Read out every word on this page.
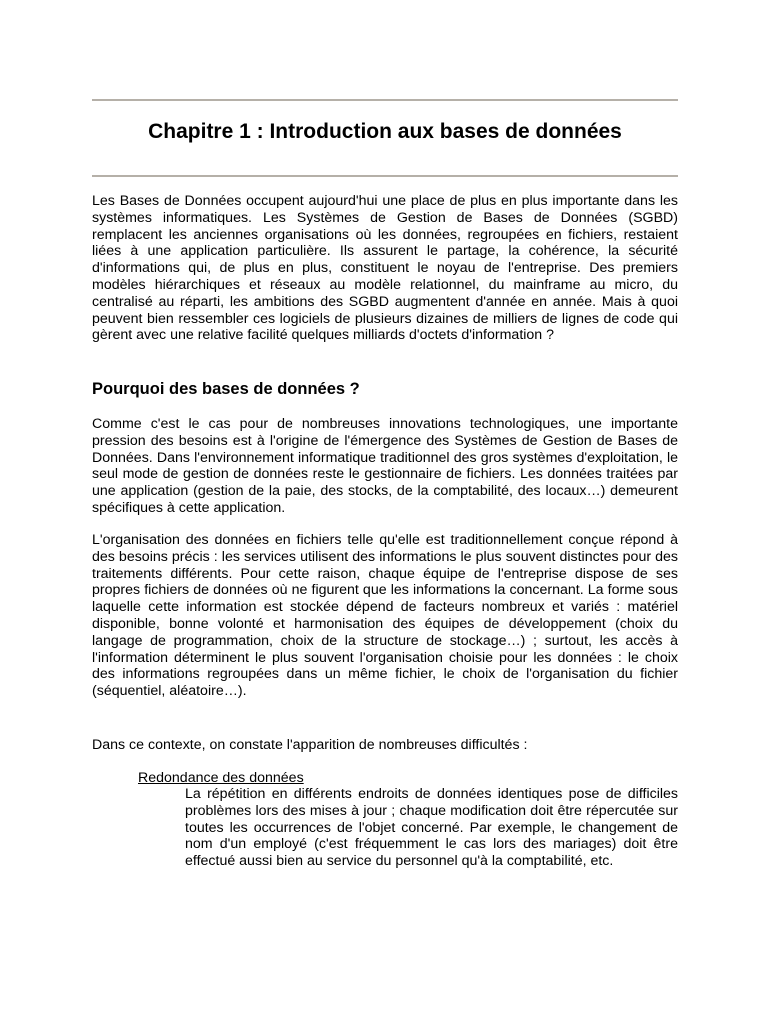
Chapitre 1 : Introduction aux bases de données

Les Bases de Données occupent aujourd'hui une place de plus en plus importante dans les systèmes informatiques. Les Systèmes de Gestion de Bases de Données (SGBD) remplacent les anciennes organisations où les données, regroupées en fichiers, restaient liées à une application particulière. Ils assurent le partage, la cohérence, la sécurité d'informations qui, de plus en plus, constituent le noyau de l'entreprise. Des premiers modèles hiérarchiques et réseaux au modèle relationnel, du mainframe au micro, du centralisé au réparti, les ambitions des SGBD augmentent d'année en année. Mais à quoi peuvent bien ressembler ces logiciels de plusieurs dizaines de milliers de lignes de code qui gèrent avec une relative facilité quelques milliards d'octets d'information ?

Pourquoi des bases de données ?

Comme c'est le cas pour de nombreuses innovations technologiques, une importante pression des besoins est à l'origine de l'émergence des Systèmes de Gestion de Bases de Données. Dans l'environnement informatique traditionnel des gros systèmes d'exploitation, le seul mode de gestion de données reste le gestionnaire de fichiers. Les données traitées par une application (gestion de la paie, des stocks, de la comptabilité, des locaux…) demeurent spécifiques à cette application.

L'organisation des données en fichiers telle qu'elle est traditionnellement conçue répond à des besoins précis : les services utilisent des informations le plus souvent distinctes pour des traitements différents. Pour cette raison, chaque équipe de l'entreprise dispose de ses propres fichiers de données où ne figurent que les informations la concernant. La forme sous laquelle cette information est stockée dépend de facteurs nombreux et variés : matériel disponible, bonne volonté et harmonisation des équipes de développement (choix du langage de programmation, choix de la structure de stockage…) ; surtout, les accès à l'information déterminent le plus souvent l'organisation choisie pour les données : le choix des informations regroupées dans un même fichier, le choix de l'organisation du fichier (séquentiel, aléatoire…).

Dans ce contexte, on constate l'apparition de nombreuses difficultés :

Redondance des données

La répétition en différents endroits de données identiques pose de difficiles problèmes lors des mises à jour ; chaque modification doit être répercutée sur toutes les occurrences de l'objet concerné. Par exemple, le changement de nom d'un employé (c'est fréquemment le cas lors des mariages) doit être effectué aussi bien au service du personnel qu'à la comptabilité, etc.
